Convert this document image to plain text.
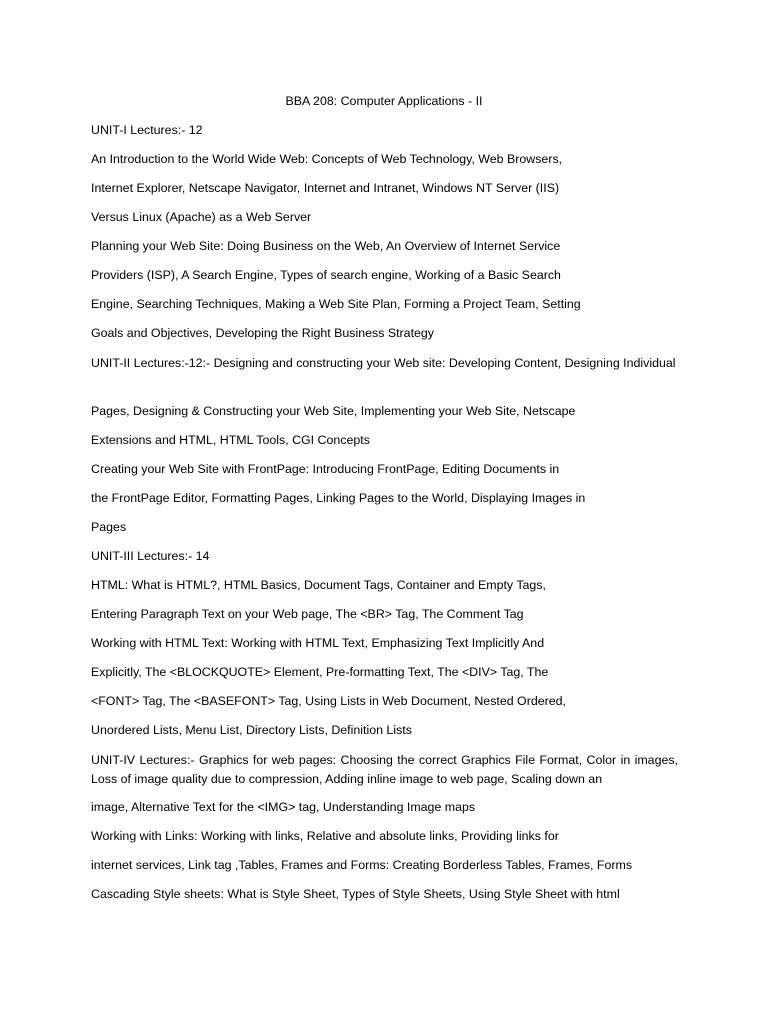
BBA 208: Computer Applications - II

UNIT-I Lectures:- 12

An Introduction to the World Wide Web: Concepts of Web Technology, Web Browsers,

Internet Explorer, Netscape Navigator, Internet and Intranet, Windows NT Server (IIS)

Versus Linux (Apache) as a Web Server

Planning your Web Site: Doing Business on the Web, An Overview of Internet Service

Providers (ISP), A Search Engine, Types of search engine, Working of a Basic Search

Engine, Searching Techniques, Making a Web Site Plan, Forming a Project Team, Setting

Goals and Objectives, Developing the Right Business Strategy

UNIT-II Lectures:-12:- Designing and constructing your Web site: Developing Content, Designing Individual

Pages, Designing & Constructing your Web Site, Implementing your Web Site, Netscape

Extensions and HTML, HTML Tools, CGI Concepts

Creating your Web Site with FrontPage: Introducing FrontPage, Editing Documents in

the FrontPage Editor, Formatting Pages, Linking Pages to the World, Displaying Images in

Pages

UNIT-III Lectures:- 14

HTML: What is HTML?, HTML Basics, Document Tags, Container and Empty Tags,

Entering Paragraph Text on your Web page, The <BR> Tag, The Comment Tag

Working with HTML Text: Working with HTML Text, Emphasizing Text Implicitly And

Explicitly, The <BLOCKQUOTE> Element, Pre-formatting Text, The <DIV> Tag, The

<FONT> Tag, The <BASEFONT> Tag, Using Lists in Web Document, Nested Ordered,

Unordered Lists, Menu List, Directory Lists, Definition Lists

UNIT-IV Lectures:- Graphics for web pages: Choosing the correct Graphics File Format, Color in images, Loss of image quality due to compression, Adding inline image to web page, Scaling down an

image, Alternative Text for the <IMG> tag, Understanding Image maps

Working with Links: Working with links, Relative and absolute links, Providing links for

internet services, Link tag ,Tables, Frames and Forms: Creating Borderless Tables, Frames, Forms

Cascading Style sheets: What is Style Sheet, Types of Style Sheets, Using Style Sheet with html
